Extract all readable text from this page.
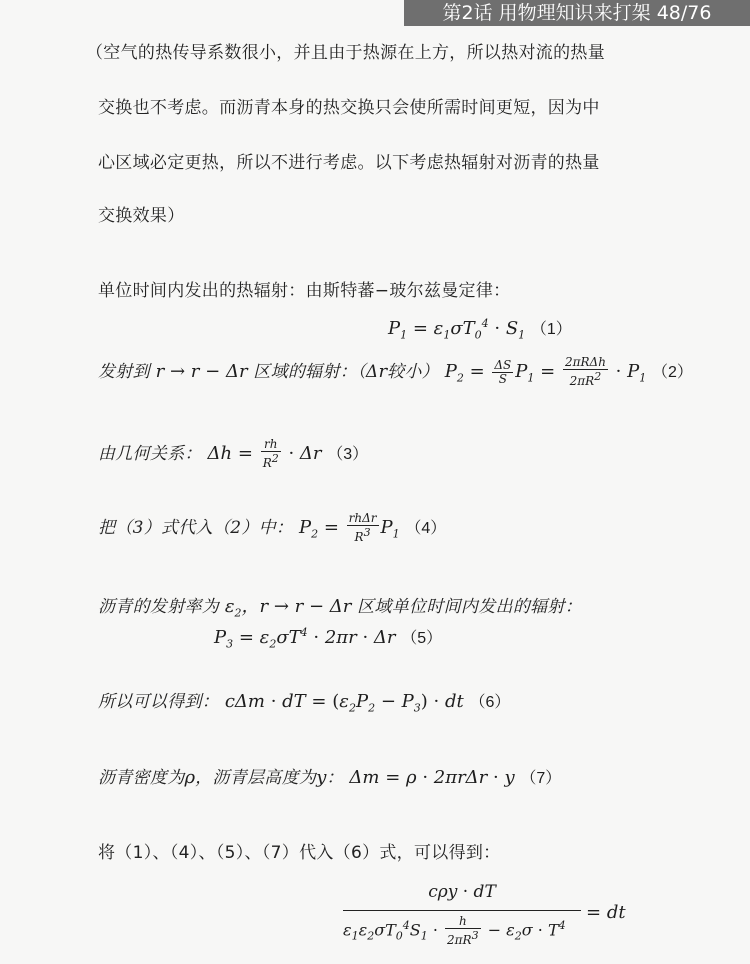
第2话 用物理知识来打架 48/76
（空气的热传导系数很小，并且由于热源在上方，所以热对流的热量
交换也不考虑。而沥青本身的热交换只会使所需时间更短，因为中
心区域必定更热，所以不进行考虑。以下考虑热辐射对沥青的热量
交换效果）
单位时间内发出的热辐射：由斯特蕃−玻尔兹曼定律：
$P_1 = \varepsilon_1\sigma T_0^4 \cdot S_1$ （1）
发射到 r → r − Δr 区域的辐射：（Δr较小） $P_2 = \frac{\Delta S}{S} P_1 = 2\pi R\Delta h$
$2\pi R^2 \cdot P_1$ （2）
由几何关系： $\Delta h = \frac{rh}{R^2} \cdot \Delta r$ （3）
把（3）式代入（2）中： $P_2 = rh\Delta r$
$R^3$ $P_1$ （4）
沥青的发射率为 $\varepsilon_2$，r → r − Δr 区域单位时间内发出的辐射：
$P_3 = \varepsilon_2\sigma T^4 \cdot 2\pi r \cdot \Delta r$ （5）
所以可以得到： cΔm · dT = $(\varepsilon_2P_2 - P_3)$ · dt （6）
沥青密度为ρ，沥青层高度为y： Δm = ρ · 2πrΔr · y （7）
将（1）、（4）、（5）、（7）代入（6）式，可以得到：
cρy · dT
$\varepsilon_1\varepsilon_2\sigma T_0^4S_1 \cdot \frac{h}{2\pi R^3} - \varepsilon_2\sigma \cdot T^4$
= dt
